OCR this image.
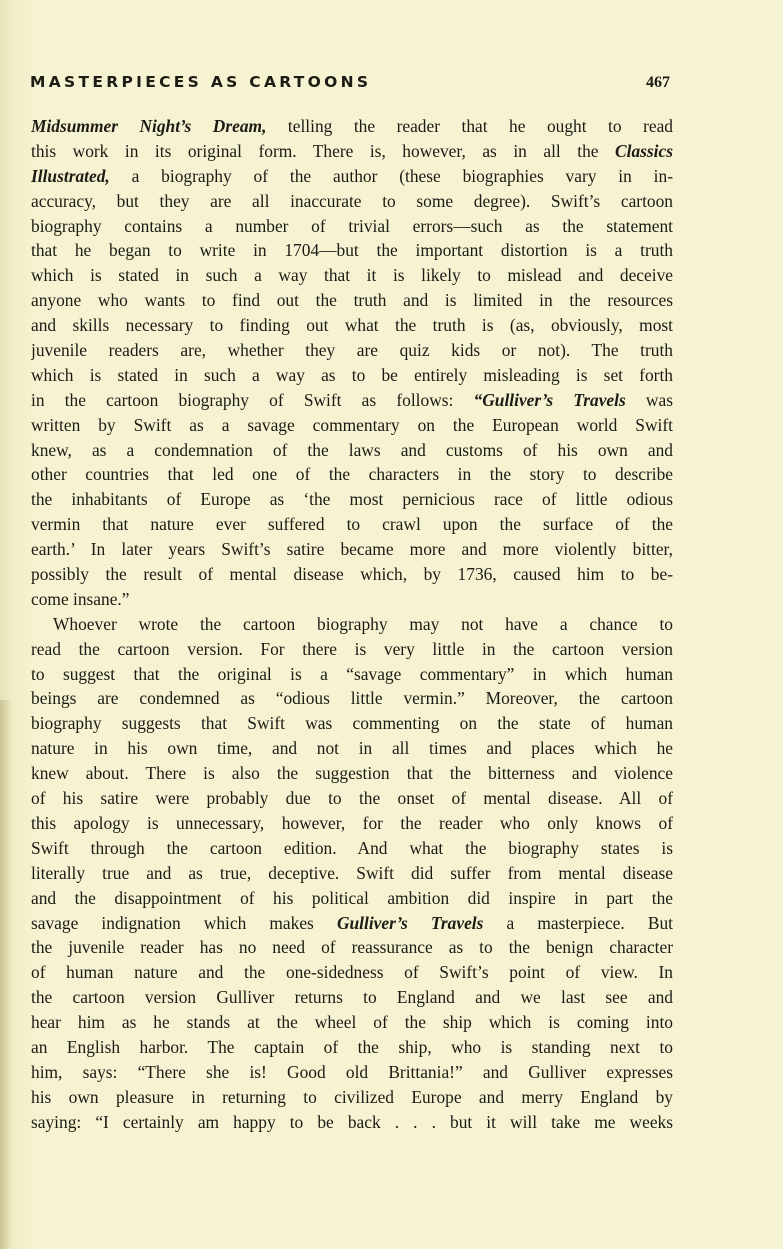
MASTERPIECES AS CARTOONS	467
Midsummer Night’s Dream, telling the reader that he ought to read
this work in its original form. There is, however, as in all the Classics
Illustrated, a biography of the author (these biographies vary in in-
accuracy, but they are all inaccurate to some degree). Swift’s cartoon
biography contains a number of trivial errors—such as the statement
that he began to write in 1704—but the important distortion is a truth
which is stated in such a way that it is likely to mislead and deceive
anyone who wants to find out the truth and is limited in the resources
and skills necessary to finding out what the truth is (as, obviously, most
juvenile readers are, whether they are quiz kids or not). The truth
which is stated in such a way as to be entirely misleading is set forth
in the cartoon biography of Swift as follows: “Gulliver’s Travels was
written by Swift as a savage commentary on the European world Swift
knew, as a condemnation of the laws and customs of his own and
other countries that led one of the characters in the story to describe
the inhabitants of Europe as ‘the most pernicious race of little odious
vermin that nature ever suffered to crawl upon the surface of the
earth.’ In later years Swift’s satire became more and more violently bitter,
possibly the result of mental disease which, by 1736, caused him to be-
come insane.”
Whoever wrote the cartoon biography may not have a chance to
read the cartoon version. For there is very little in the cartoon version
to suggest that the original is a “savage commentary” in which human
beings are condemned as “odious little vermin.” Moreover, the cartoon
biography suggests that Swift was commenting on the state of human
nature in his own time, and not in all times and places which he
knew about. There is also the suggestion that the bitterness and violence
of his satire were probably due to the onset of mental disease. All of
this apology is unnecessary, however, for the reader who only knows of
Swift through the cartoon edition. And what the biography states is
literally true and as true, deceptive. Swift did suffer from mental disease
and the disappointment of his political ambition did inspire in part the
savage indignation which makes Gulliver’s Travels a masterpiece. But
the juvenile reader has no need of reassurance as to the benign character
of human nature and the one-sidedness of Swift’s point of view. In
the cartoon version Gulliver returns to England and we last see and
hear him as he stands at the wheel of the ship which is coming into
an English harbor. The captain of the ship, who is standing next to
him, says: “There she is! Good old Brittania!” and Gulliver expresses
his own pleasure in returning to civilized Europe and merry England by
saying: “I certainly am happy to be back . . . but it will take me weeks
